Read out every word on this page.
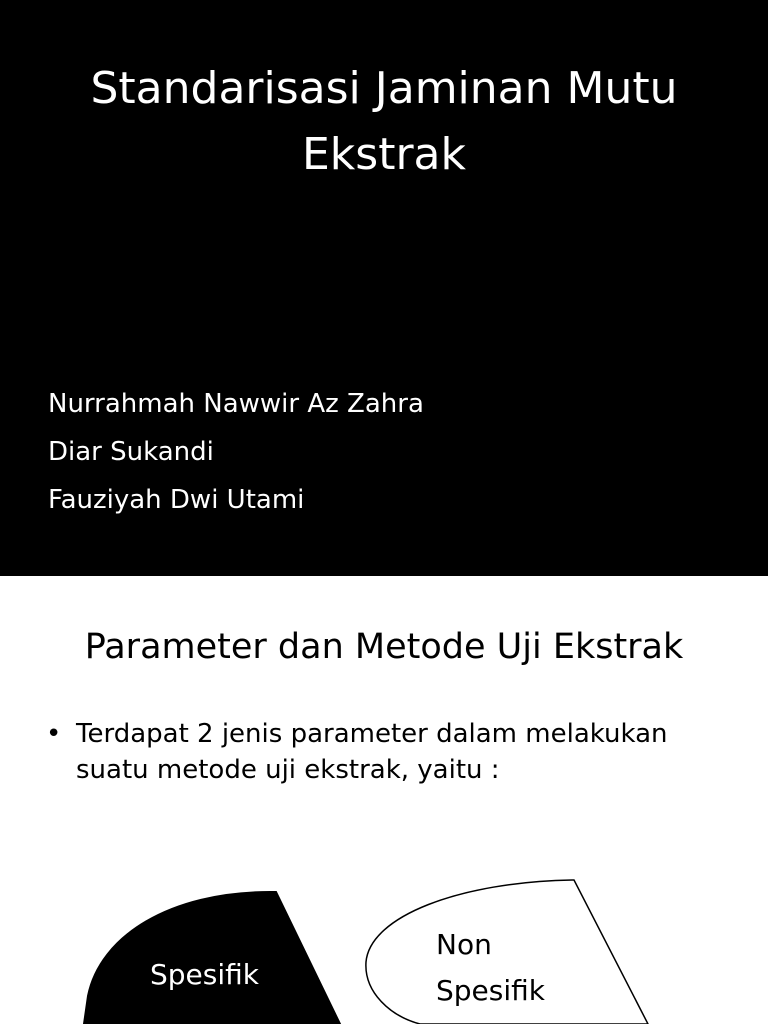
Standarisasi Jaminan Mutu
Ekstrak
Nurrahmah Nawwir Az Zahra
Diar Sukandi
Fauziyah Dwi Utami
Parameter dan Metode Uji Ekstrak
• Terdapat 2 jenis parameter dalam melakukan
suatu metode uji ekstrak, yaitu :
Spesifik
Non
Spesifik
